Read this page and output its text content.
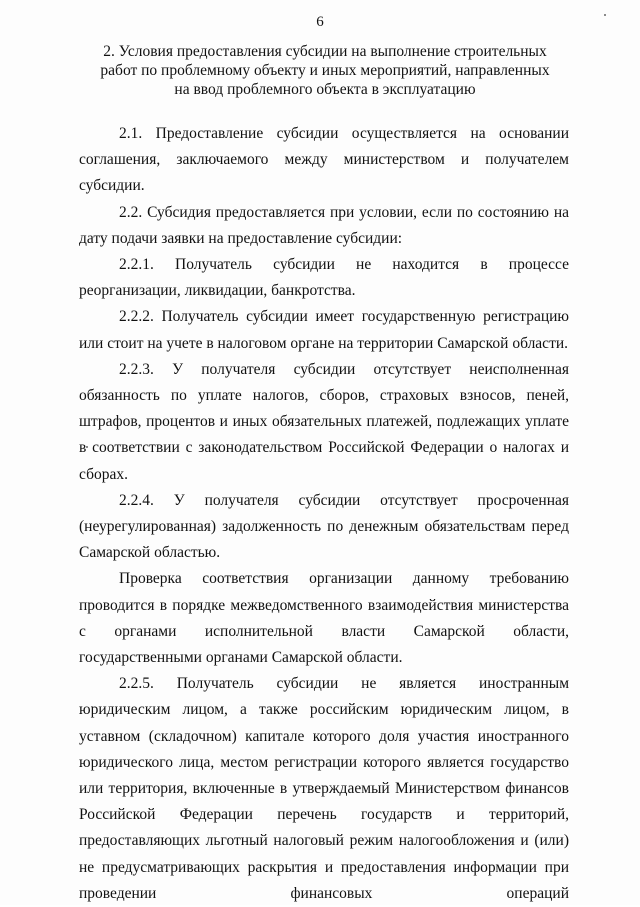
6
2. Условия предоставления субсидии на выполнение строительных
работ по проблемному объекту и иных мероприятий, направленных
на ввод проблемного объекта в эксплуатацию

2.1. Предоставление субсидии осуществляется на основании соглашения, заключаемого между министерством и получателем субсидии.

2.2. Субсидия предоставляется при условии, если по состоянию на дату подачи заявки на предоставление субсидии:

2.2.1. Получатель субсидии не находится в процессе реорганизации, ликвидации, банкротства.

2.2.2. Получатель субсидии имеет государственную регистрацию или стоит на учете в налоговом органе на территории Самарской области.

2.2.3. У получателя субсидии отсутствует неисполненная обязанность по уплате налогов, сборов, страховых взносов, пеней, штрафов, процентов и иных обязательных платежей, подлежащих уплате в соответствии с законодательством Российской Федерации о налогах и сборах.

2.2.4. У получателя субсидии отсутствует просроченная (неурегулированная) задолженность по денежным обязательствам перед Самарской областью.

Проверка соответствия организации данному требованию проводится в порядке межведомственного взаимодействия министерства с органами исполнительной власти Самарской области, государственными органами Самарской области.

2.2.5. Получатель субсидии не является иностранным юридическим лицом, а также российским юридическим лицом, в уставном (складочном) капитале которого доля участия иностранного юридического лица, местом регистрации которого является государство или территория, включенные в утверждаемый Министерством финансов Российской Федерации перечень государств и территорий, предоставляющих льготный налоговый режим налогообложения и (или) не предусматривающих раскрытия и предоставления информации при проведении финансовых операций
